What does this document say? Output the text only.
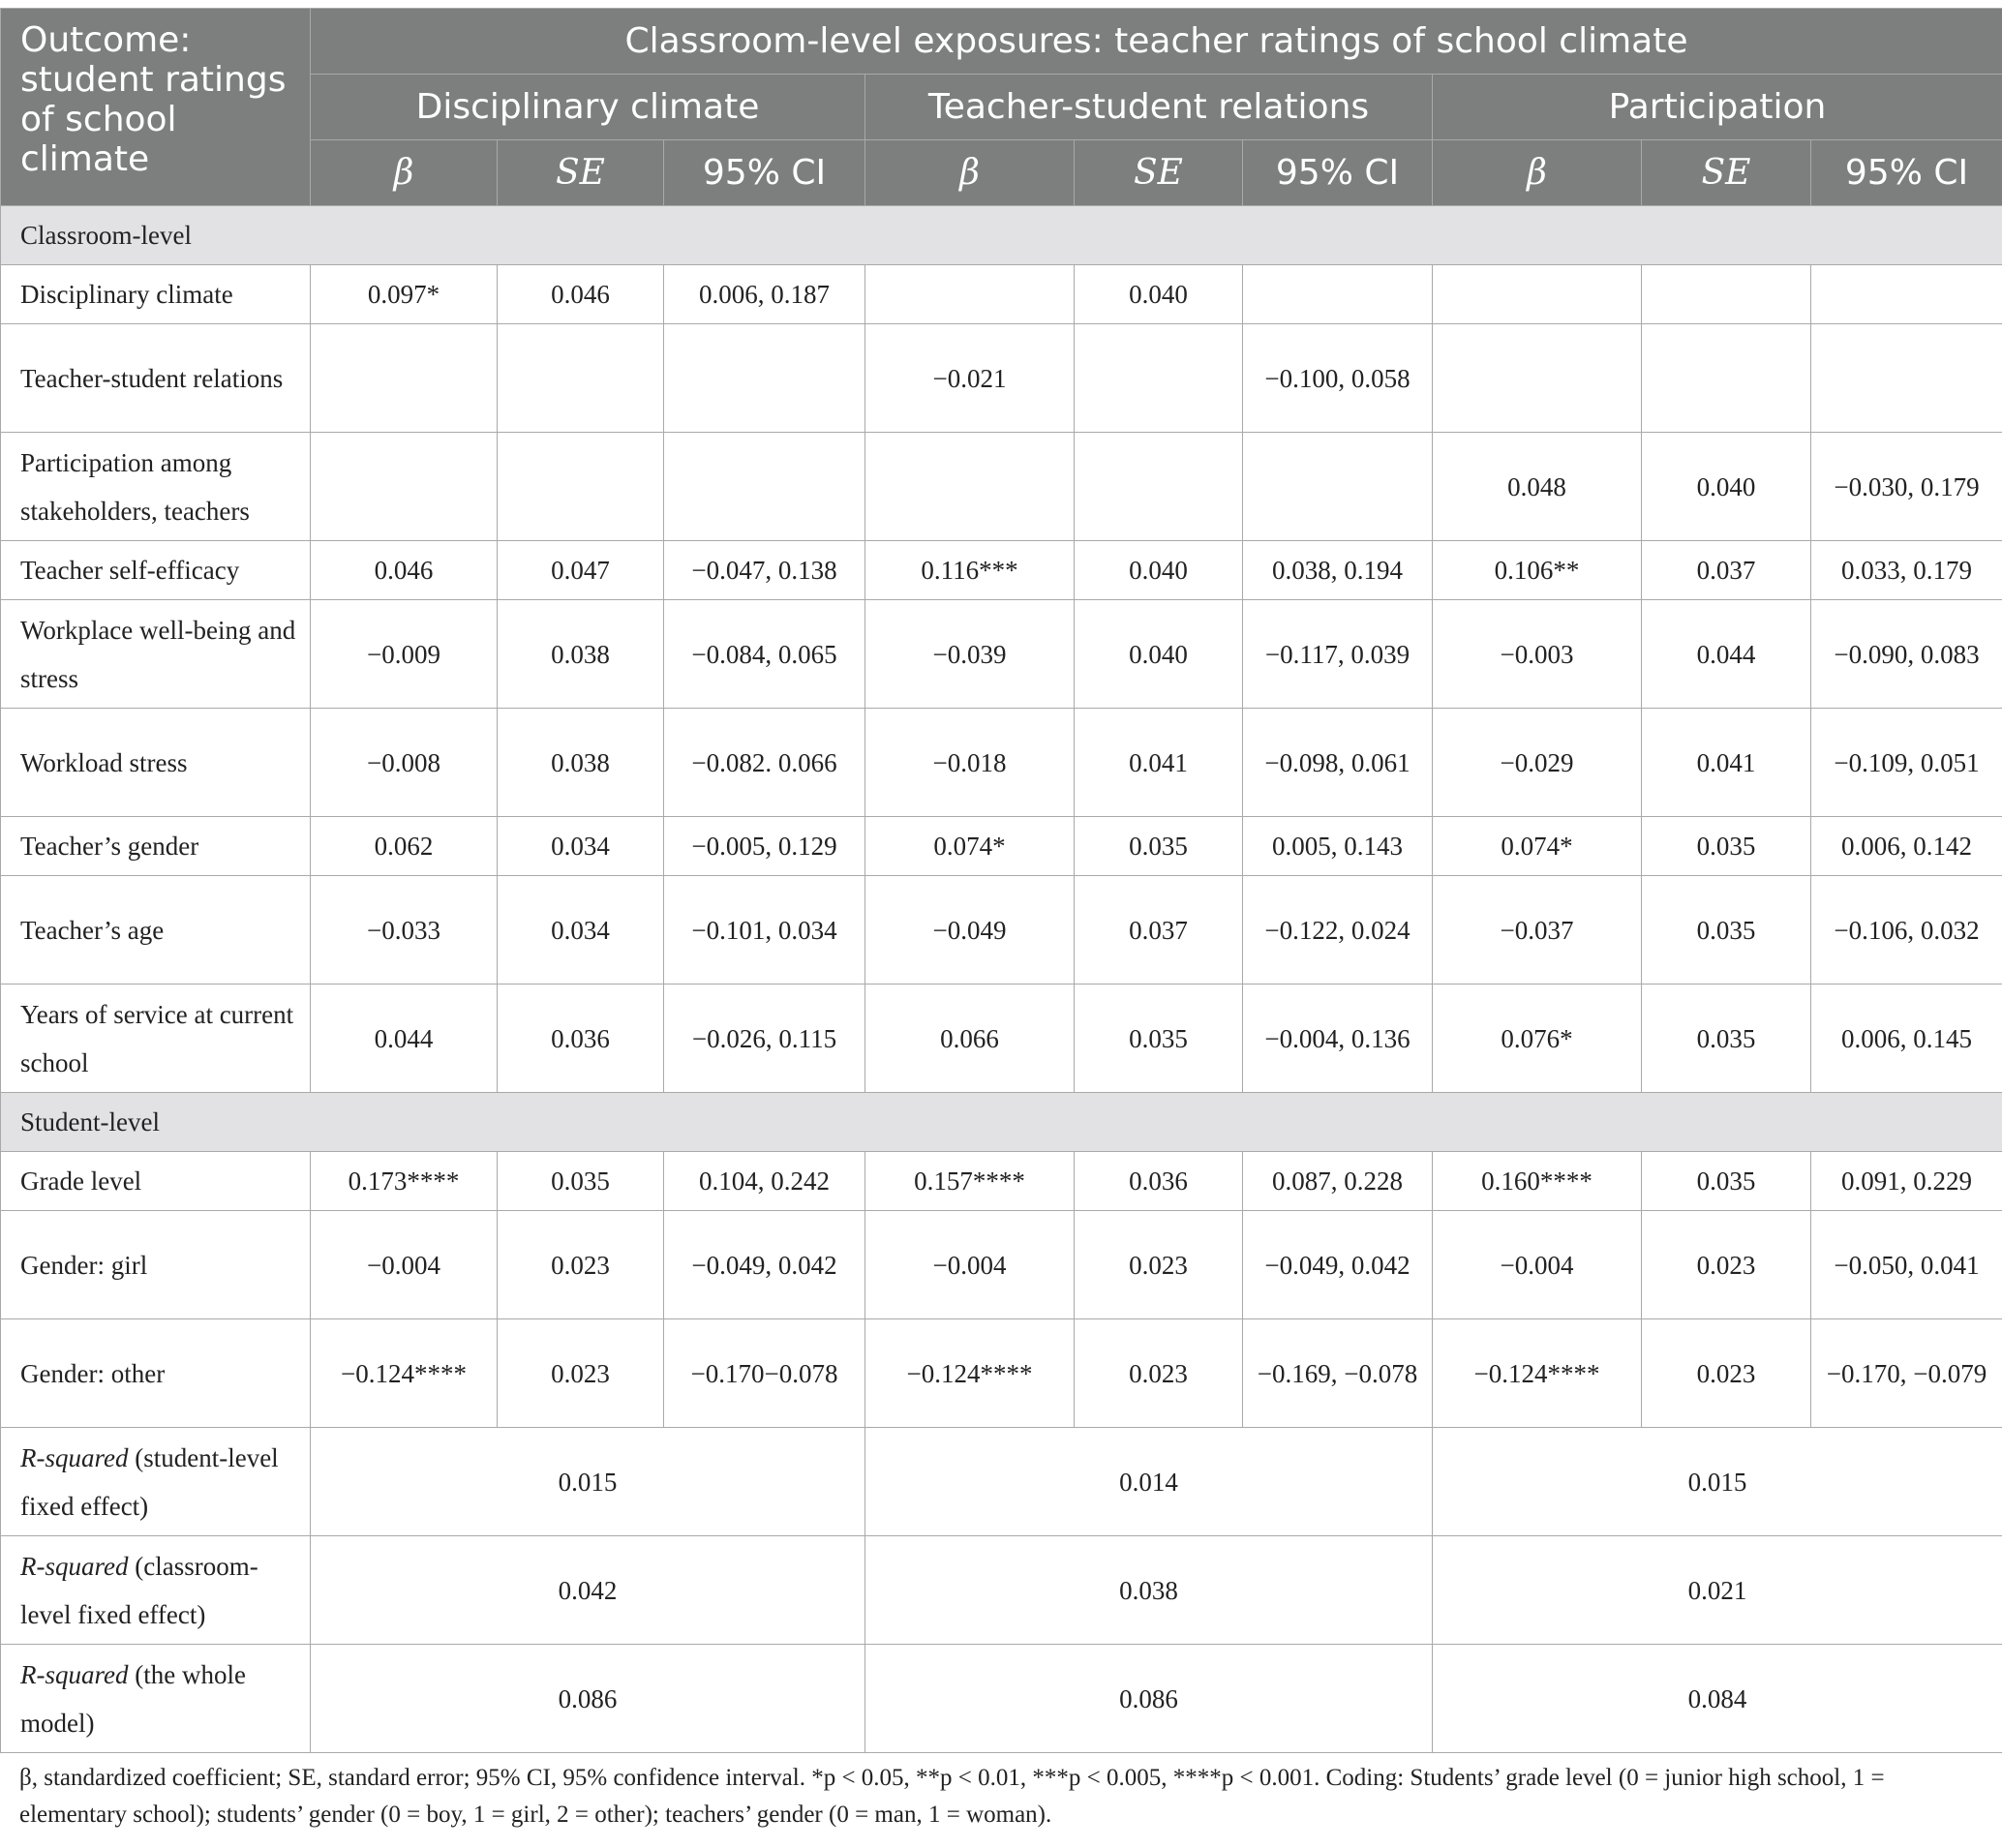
Outcome: student ratings of school climate	Classroom-level exposures: teacher ratings of school climate								
	Disciplinary climate			Teacher-student relations			Participation		
	β	SE	95% CI	β	SE	95% CI	β	SE	95% CI
Classroom-level									
Disciplinary climate	0.097*	0.046	0.006, 0.187		0.040				
Teacher-student relations				−0.021		−0.100, 0.058			
Participation among stakeholders, teachers							0.048	0.040	−0.030, 0.179
Teacher self-efficacy	0.046	0.047	−0.047, 0.138	0.116***	0.040	0.038, 0.194	0.106**	0.037	0.033, 0.179
Workplace well-being and stress	−0.009	0.038	−0.084, 0.065	−0.039	0.040	−0.117, 0.039	−0.003	0.044	−0.090, 0.083
Workload stress	−0.008	0.038	−0.082. 0.066	−0.018	0.041	−0.098, 0.061	−0.029	0.041	−0.109, 0.051
Teacher’s gender	0.062	0.034	−0.005, 0.129	0.074*	0.035	0.005, 0.143	0.074*	0.035	0.006, 0.142
Teacher’s age	−0.033	0.034	−0.101, 0.034	−0.049	0.037	−0.122, 0.024	−0.037	0.035	−0.106, 0.032
Years of service at current school	0.044	0.036	−0.026, 0.115	0.066	0.035	−0.004, 0.136	0.076*	0.035	0.006, 0.145
Student-level									
Grade level	0.173****	0.035	0.104, 0.242	0.157****	0.036	0.087, 0.228	0.160****	0.035	0.091, 0.229
Gender: girl	−0.004	0.023	−0.049, 0.042	−0.004	0.023	−0.049, 0.042	−0.004	0.023	−0.050, 0.041
Gender: other	−0.124****	0.023	−0.170−0.078	−0.124****	0.023	−0.169, −0.078	−0.124****	0.023	−0.170, −0.079
R-squared (student-level fixed effect)	0.015			0.014			0.015		
R-squared (classroom-level fixed effect)	0.042			0.038			0.021		
R-squared (the whole model)	0.086			0.086			0.084		
β, standardized coefficient; SE, standard error; 95% CI, 95% confidence interval. *p < 0.05, **p < 0.01, ***p < 0.005, ****p < 0.001. Coding: Students’ grade level (0 = junior high school, 1 = elementary school); students’ gender (0 = boy, 1 = girl, 2 = other); teachers’ gender (0 = man, 1 = woman).
